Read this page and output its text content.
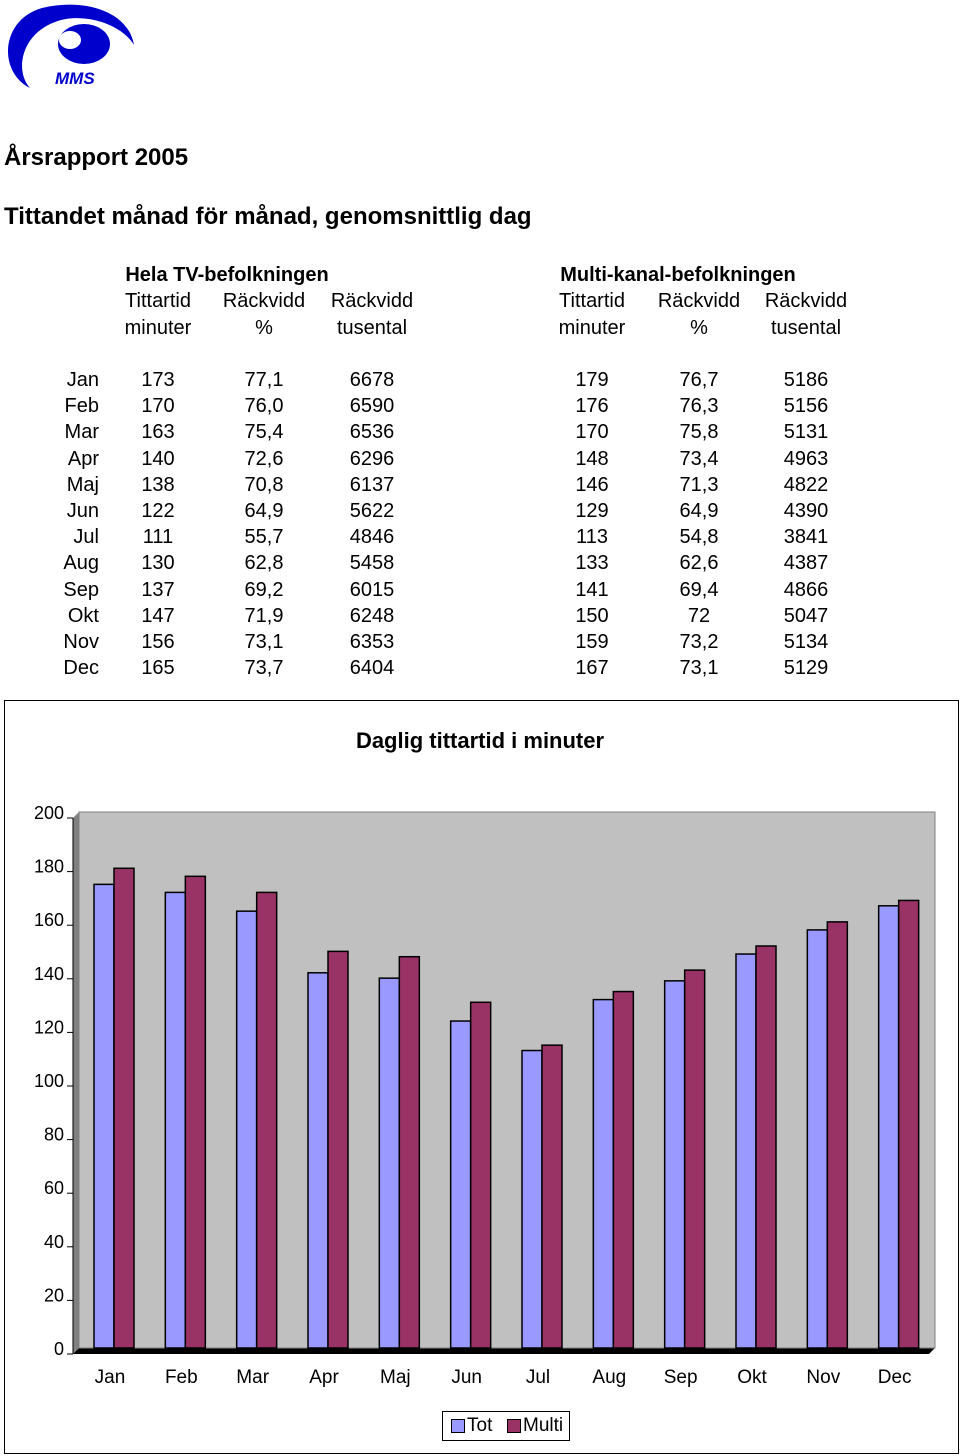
MMS
Årsrapport 2005
Tittandet månad för månad, genomsnittlig dag
Hela TV-befolkningen
Tittartid
minuter
Räckvidd
%
Räckvidd
tusental
Multi-kanal-befolkningen
Tittartid
minuter
Räckvidd
%
Räckvidd
tusental
Jan 173	77,1	6678	179	76,7	5186
Feb 170	76,0	6590	176	76,3	5156
Mar 163	75,4	6536	170	75,8	5131
Apr 140	72,6	6296	148	73,4	4963
Maj 138	70,8	6137	146	71,3	4822
Jun 122	64,9	5622	129	64,9	4390
Jul 111	55,7	4846	113	54,8	3841
Aug 130	62,8	5458	133	62,6	4387
Sep 137	69,2	6015	141	69,4	4866
Okt 147	71,9	6248	150	72	5047
Nov 156	73,1	6353	159	73,2	5134
Dec 165	73,7	6404	167	73,1	5129
Daglig tittartid i minuter
0
20
40
60
80
100
120
140
160
180
200
Jan Feb Mar Apr Maj Jun Jul Aug Sep Okt Nov Dec
Tot Multi
